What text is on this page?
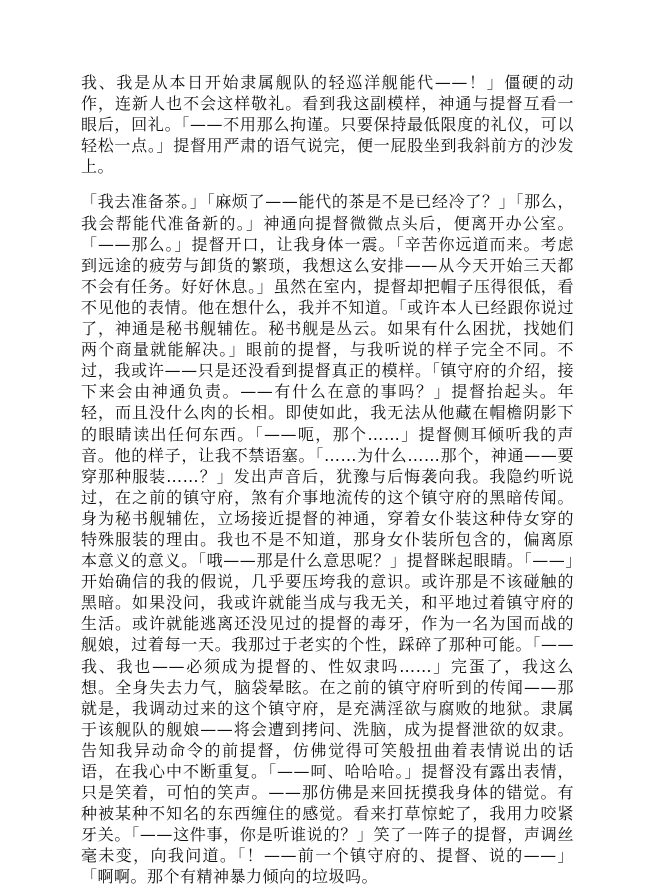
我、我是从本日开始隶属舰队的轻巡洋舰能代——！」僵硬的动作，连新人也不会这样敬礼。看到我这副模样，神通与提督互看一眼后，回礼。「——不用那么拘谨。只要保持最低限度的礼仪，可以轻松一点。」提督用严肃的语气说完，便一屁股坐到我斜前方的沙发上。

「我去准备茶。」「麻烦了——能代的茶是不是已经冷了？」「那么，我会帮能代准备新的。」神通向提督微微点头后，便离开办公室。「——那么。」提督开口，让我身体一震。「辛苦你远道而来。考虑到远途的疲劳与卸货的繁琐，我想这么安排——从今天开始三天都不会有任务。好好休息。」虽然在室内，提督却把帽子压得很低，看不见他的表情。他在想什么，我并不知道。「或许本人已经跟你说过了，神通是秘书舰辅佐。秘书舰是丛云。如果有什么困扰，找她们两个商量就能解决。」眼前的提督，与我听说的样子完全不同。不过，我或许——只是还没看到提督真正的模样。「镇守府的介绍，接下来会由神通负责。——有什么在意的事吗？」提督抬起头。年轻，而且没什么肉的长相。即使如此，我无法从他藏在帽檐阴影下的眼睛读出任何东西。「——呃，那个……」提督侧耳倾听我的声音。他的样子，让我不禁语塞。「……为什么……那个，神通——要穿那种服装……？」发出声音后，犹豫与后悔袭向我。我隐约听说过，在之前的镇守府，煞有介事地流传的这个镇守府的黑暗传闻。身为秘书舰辅佐，立场接近提督的神通，穿着女仆装这种侍女穿的特殊服装的理由。我也不是不知道，那身女仆装所包含的，偏离原本意义的意义。「哦——那是什么意思呢？」提督眯起眼睛。「——」开始确信的我的假说，几乎要压垮我的意识。或许那是不该碰触的黑暗。如果没问，我或许就能当成与我无关，和平地过着镇守府的生活。或许就能逃离还没见过的提督的毒牙，作为一名为国而战的舰娘，过着每一天。我那过于老实的个性，踩碎了那种可能。「——我、我也——必须成为提督的、性奴隶吗……」完蛋了，我这么想。全身失去力气，脑袋晕眩。在之前的镇守府听到的传闻——那就是，我调动过来的这个镇守府，是充满淫欲与腐败的地狱。隶属于该舰队的舰娘——将会遭到拷问、洗脑，成为提督泄欲的奴隶。告知我异动命令的前提督，仿佛觉得可笑般扭曲着表情说出的话语，在我心中不断重复。「——呵、哈哈哈。」提督没有露出表情，只是笑着，可怕的笑声。——那仿佛是来回抚摸我身体的错觉。有种被某种不知名的东西缠住的感觉。看来打草惊蛇了，我用力咬紧牙关。「——这件事，你是听谁说的？」笑了一阵子的提督，声调丝毫未变，向我问道。「！——前一个镇守府的、提督、说的——」「啊啊。那个有精神暴力倾向的垃圾吗。
